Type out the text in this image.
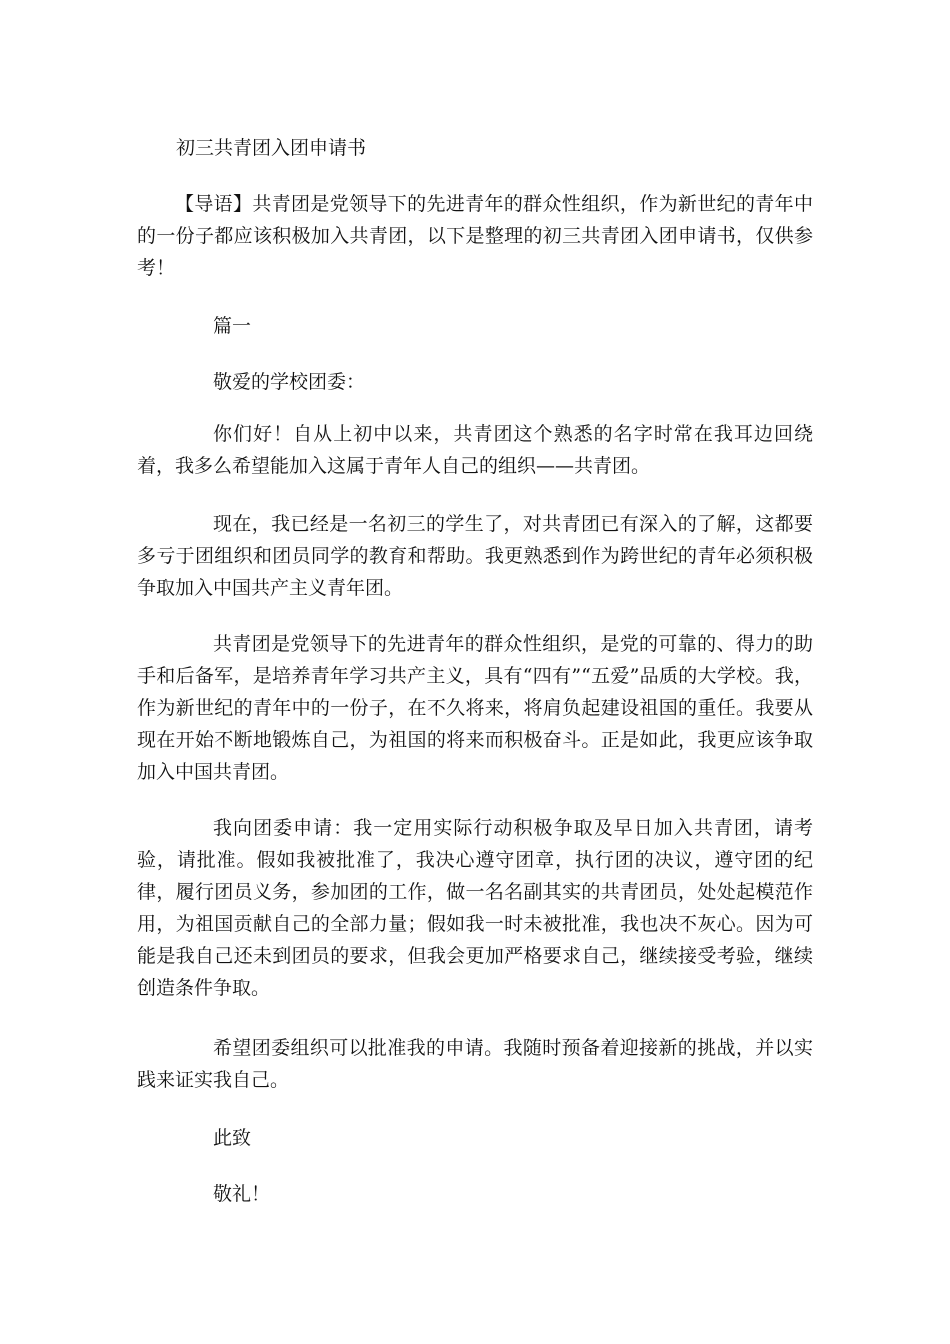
初三共青团入团申请书

【导语】共青团是党领导下的先进青年的群众性组织，作为新世纪的青年中的一份子都应该积极加入共青团，以下是整理的初三共青团入团申请书，仅供参考！

篇一
敬爱的学校团委：

你们好！自从上初中以来，共青团这个熟悉的名字时常在我耳边回绕着，我多么希望能加入这属于青年人自己的组织——共青团。

现在，我已经是一名初三的学生了，对共青团已有深入的了解，这都要多亏于团组织和团员同学的教育和帮助。我更熟悉到作为跨世纪的青年必须积极争取加入中国共产主义青年团。

共青团是党领导下的先进青年的群众性组织，是党的可靠的、得力的助手和后备军，是培养青年学习共产主义，具有“四有”“五爱”品质的大学校。我，作为新世纪的青年中的一份子，在不久将来，将肩负起建设祖国的重任。我要从现在开始不断地锻炼自己，为祖国的将来而积极奋斗。正是如此，我更应该争取加入中国共青团。

我向团委申请：我一定用实际行动积极争取及早日加入共青团，请考验，请批准。假如我被批准了，我决心遵守团章，执行团的决议，遵守团的纪律，履行团员义务，参加团的工作，做一名名副其实的共青团员，处处起模范作用，为祖国贡献自己的全部力量；假如我一时未被批准，我也决不灰心。因为可能是我自己还未到团员的要求，但我会更加严格要求自己，继续接受考验，继续创造条件争取。

希望团委组织可以批准我的申请。我随时预备着迎接新的挑战，并以实践来证实我自己。

此致
敬礼！
